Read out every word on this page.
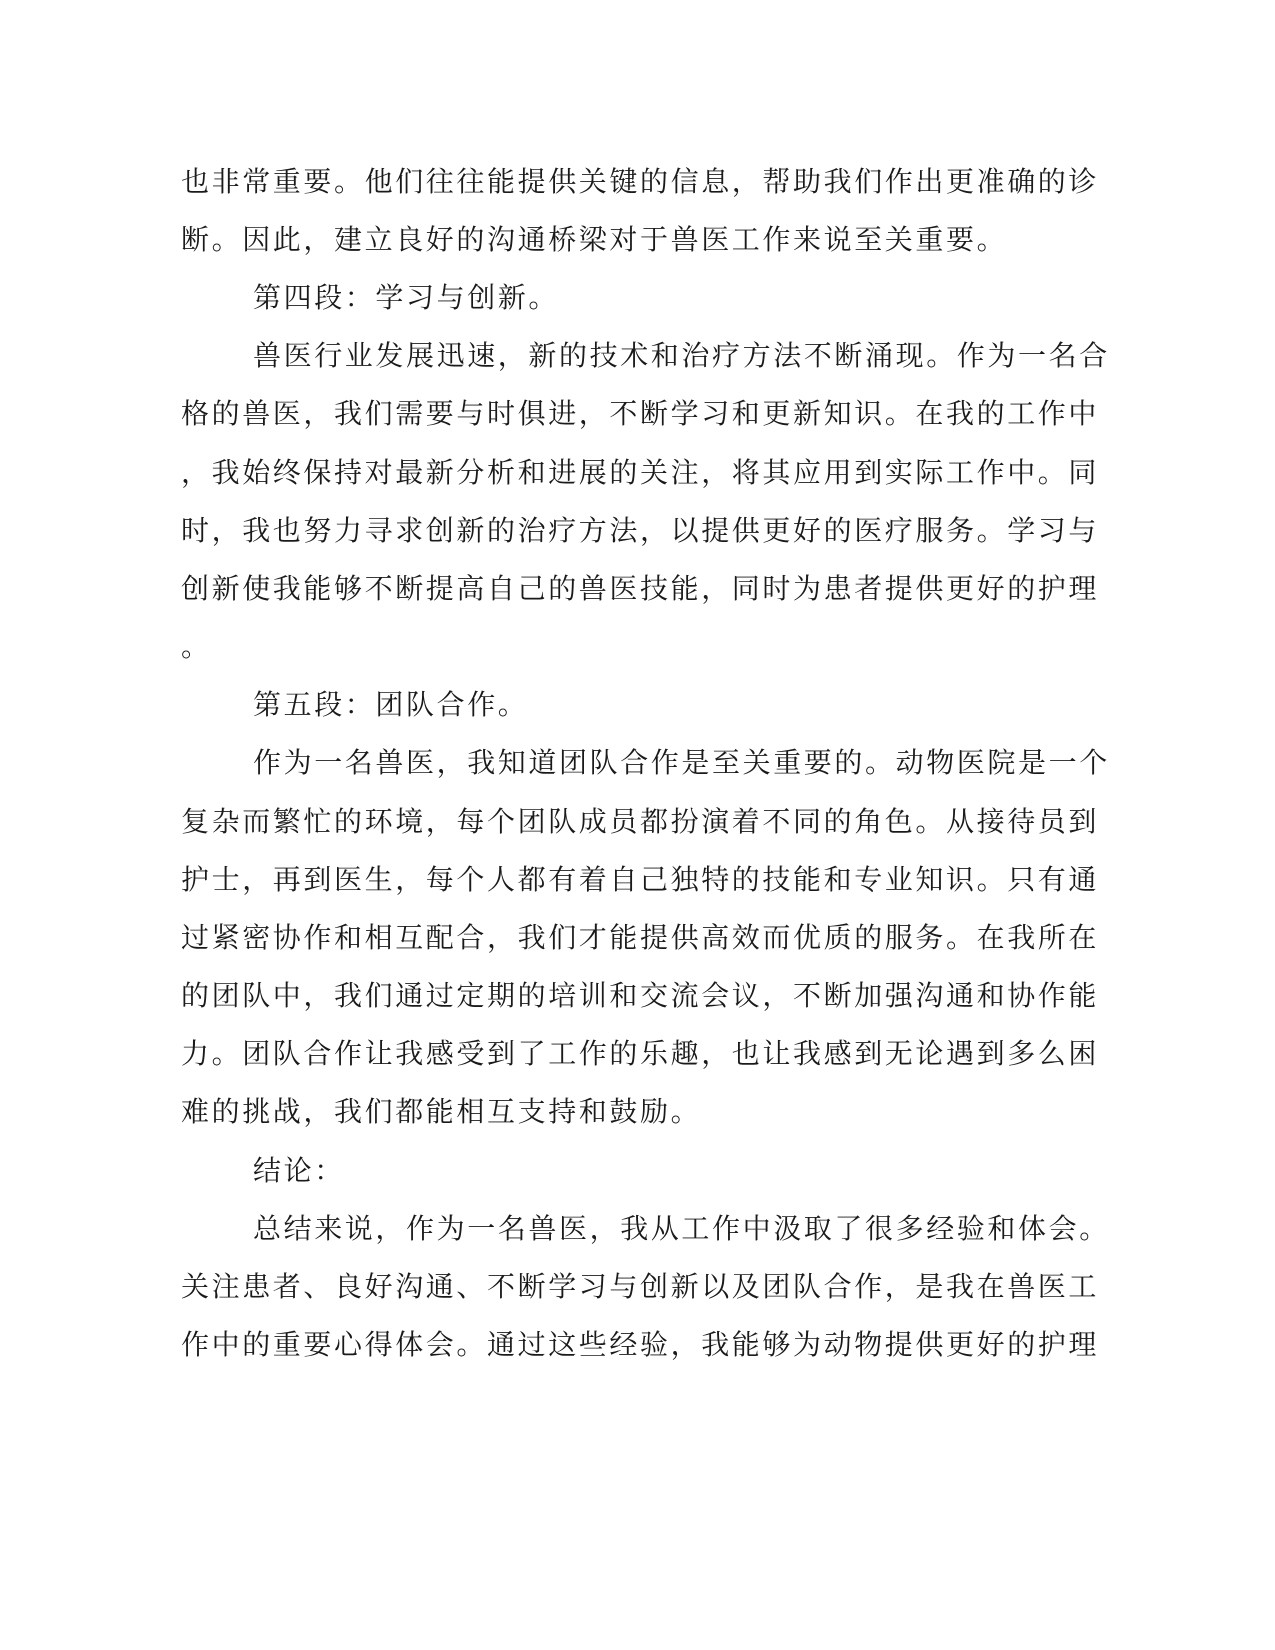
也非常重要。他们往往能提供关键的信息，帮助我们作出更准确的诊
断。因此，建立良好的沟通桥梁对于兽医工作来说至关重要。
第四段：学习与创新。
兽医行业发展迅速，新的技术和治疗方法不断涌现。作为一名合
格的兽医，我们需要与时俱进，不断学习和更新知识。在我的工作中
，我始终保持对最新分析和进展的关注，将其应用到实际工作中。同
时，我也努力寻求创新的治疗方法，以提供更好的医疗服务。学习与
创新使我能够不断提高自己的兽医技能，同时为患者提供更好的护理
。
第五段：团队合作。
作为一名兽医，我知道团队合作是至关重要的。动物医院是一个
复杂而繁忙的环境，每个团队成员都扮演着不同的角色。从接待员到
护士，再到医生，每个人都有着自己独特的技能和专业知识。只有通
过紧密协作和相互配合，我们才能提供高效而优质的服务。在我所在
的团队中，我们通过定期的培训和交流会议，不断加强沟通和协作能
力。团队合作让我感受到了工作的乐趣，也让我感到无论遇到多么困
难的挑战，我们都能相互支持和鼓励。
结论：
总结来说，作为一名兽医，我从工作中汲取了很多经验和体会。
关注患者、良好沟通、不断学习与创新以及团队合作，是我在兽医工
作中的重要心得体会。通过这些经验，我能够为动物提供更好的护理
